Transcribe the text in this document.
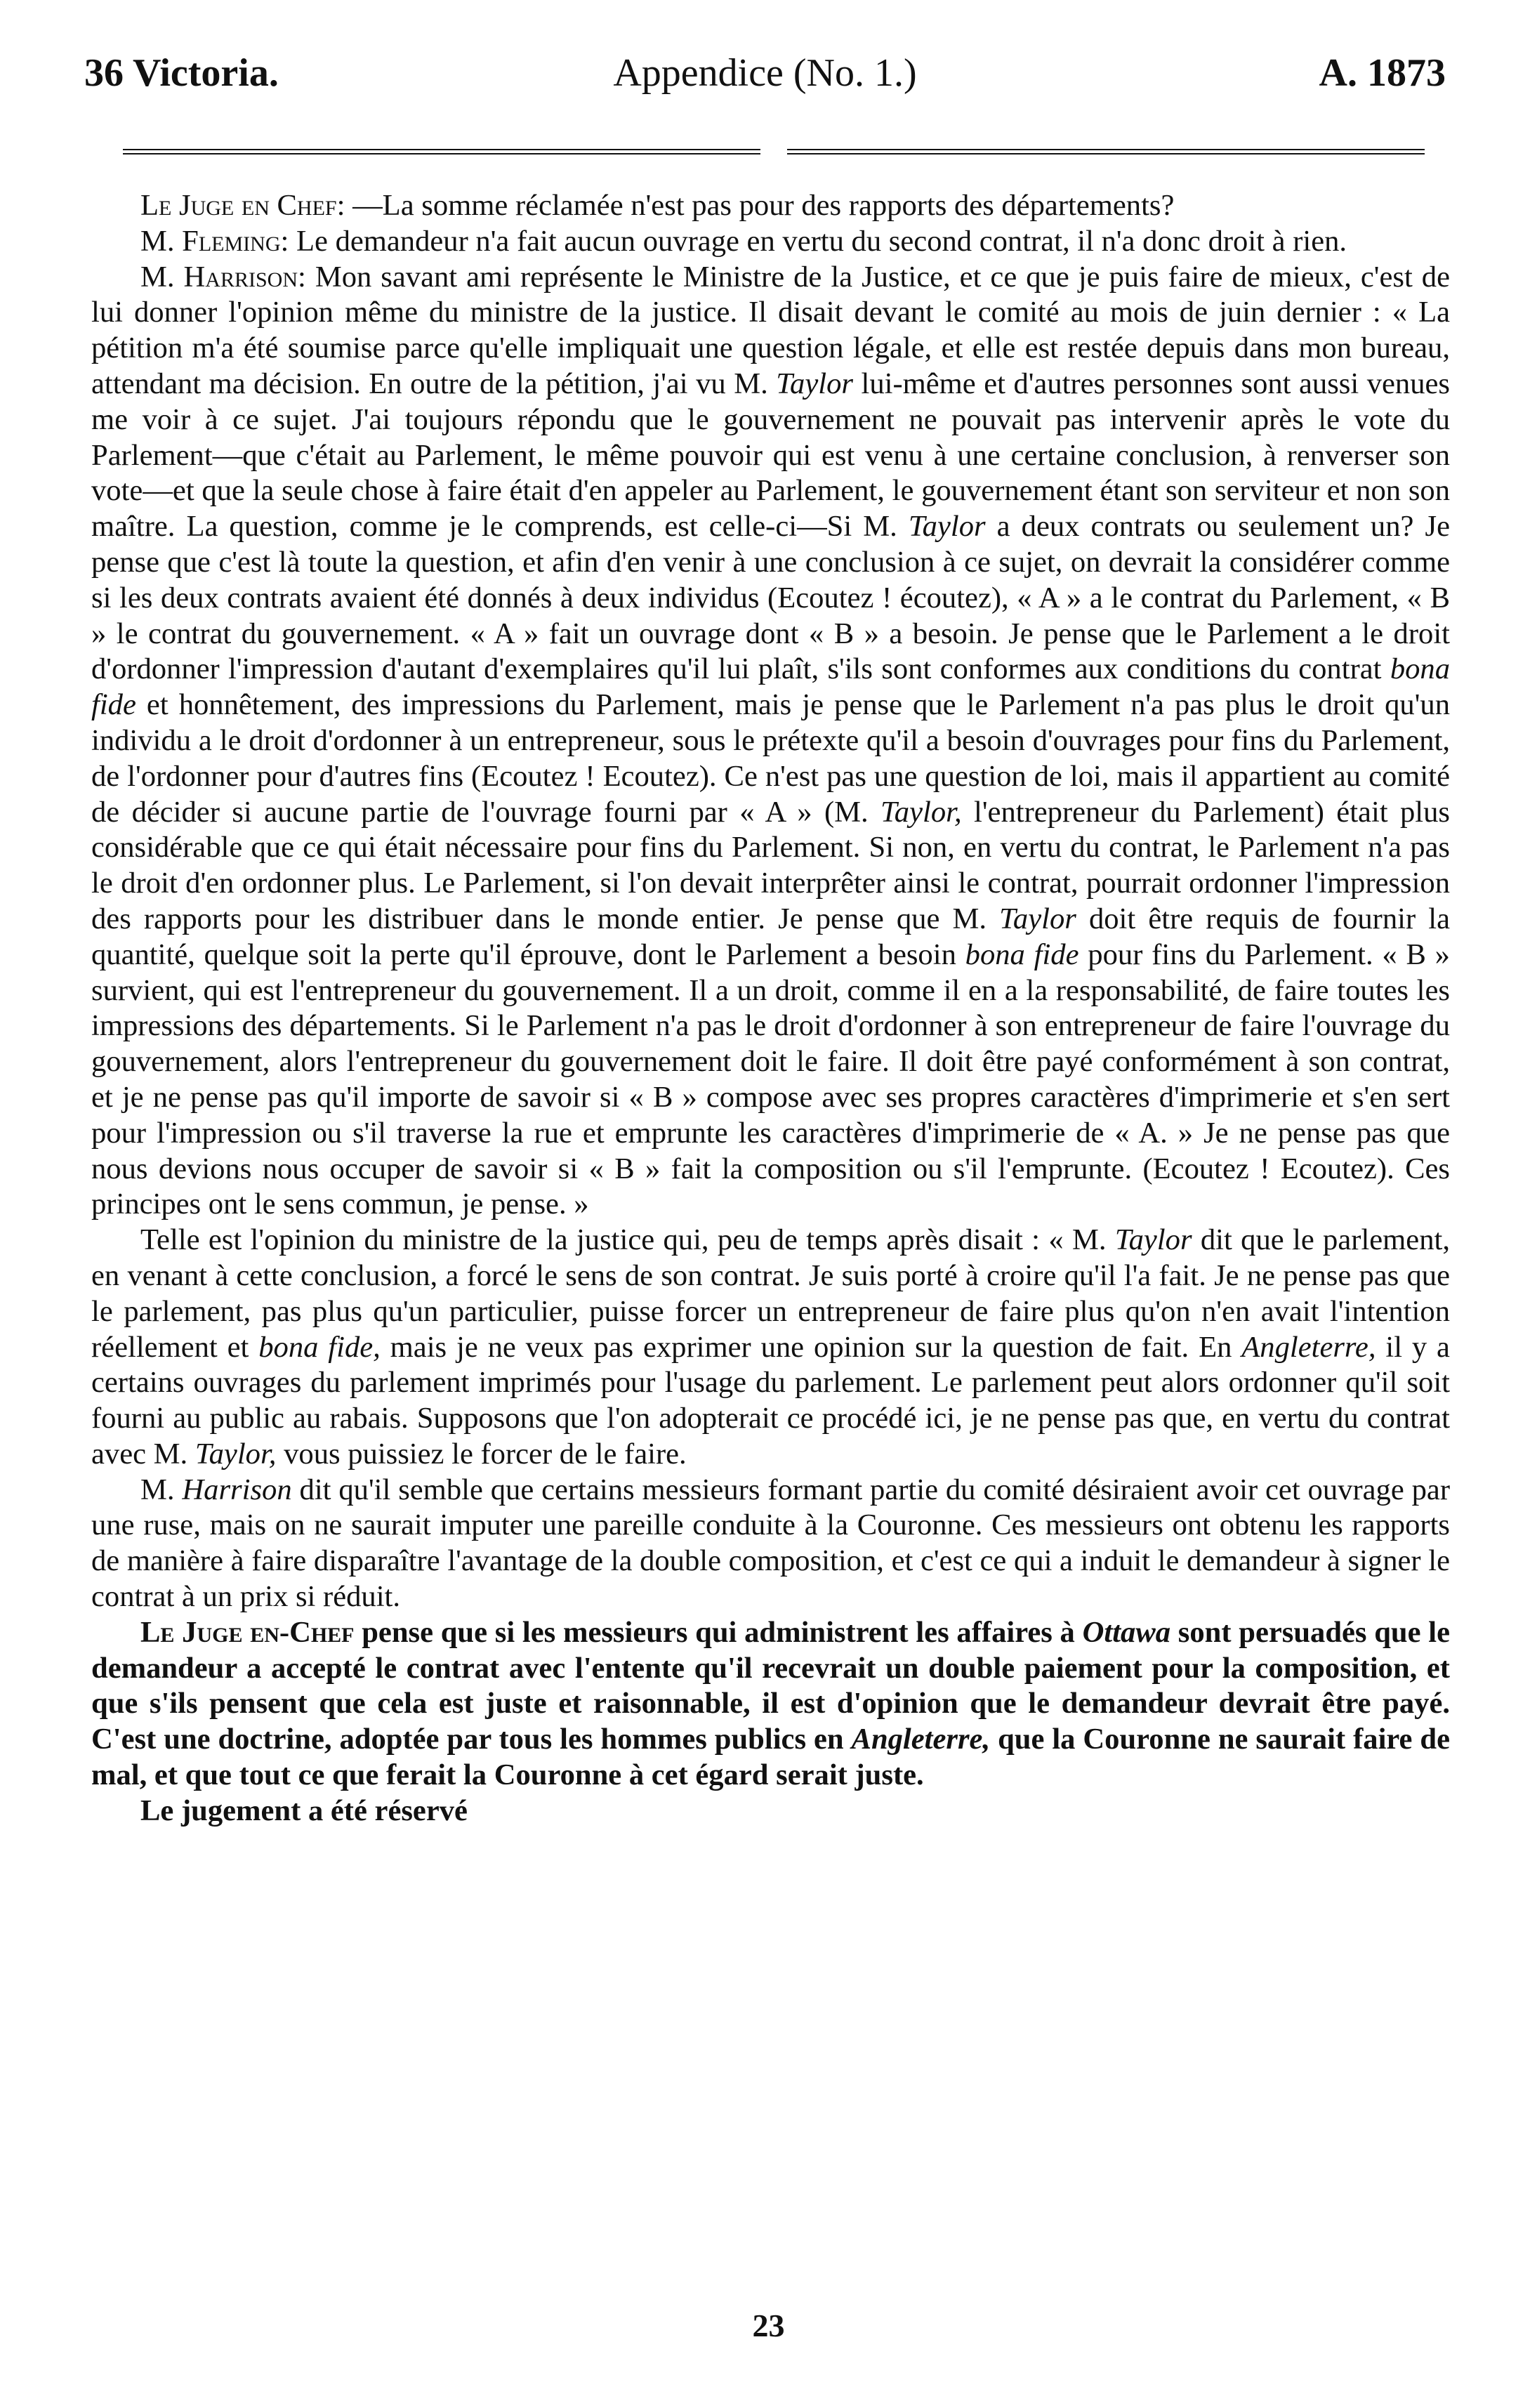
36 Victoria.	Appendice (No. 1.)	A. 1873

Le Juge en Chef: —La somme réclamée n'est pas pour des rapports des départements?

M. Fleming: Le demandeur n'a fait aucun ouvrage en vertu du second contrat, il n'a donc droit à rien.

M. Harrison: Mon savant ami représente le Ministre de la Justice, et ce que je puis faire de mieux, c'est de lui donner l'opinion même du ministre de la justice. Il disait devant le comité au mois de juin dernier : « La pétition m'a été soumise parce qu'elle impliquait une question légale, et elle est restée depuis dans mon bureau, attendant ma décision. En outre de la pétition, j'ai vu M. Taylor lui-même et d'autres personnes sont aussi venues me voir à ce sujet. J'ai toujours répondu que le gouvernement ne pouvait pas intervenir après le vote du Parlement—que c'était au Parlement, le même pouvoir qui est venu à une certaine conclusion, à renverser son vote—et que la seule chose à faire était d'en appeler au Parlement, le gouvernement étant son serviteur et non son maître. La question, comme je le comprends, est celle-ci—Si M. Taylor a deux contrats ou seulement un? Je pense que c'est là toute la question, et afin d'en venir à une conclusion à ce sujet, on devrait la considérer comme si les deux contrats avaient été donnés à deux individus (Ecoutez ! écoutez), « A » a le contrat du Parlement, « B » le contrat du gouvernement. « A » fait un ouvrage dont « B » a besoin. Je pense que le Parlement a le droit d'ordonner l'impression d'autant d'exemplaires qu'il lui plaît, s'ils sont conformes aux conditions du contrat bona fide et honnêtement, des impressions du Parlement, mais je pense que le Parlement n'a pas plus le droit qu'un individu a le droit d'ordonner à un entrepreneur, sous le prétexte qu'il a besoin d'ouvrages pour fins du Parlement, de l'ordonner pour d'autres fins (Ecoutez ! Ecoutez). Ce n'est pas une question de loi, mais il appartient au comité de décider si aucune partie de l'ouvrage fourni par « A » (M. Taylor, l'entrepreneur du Parlement) était plus considérable que ce qui était nécessaire pour fins du Parlement. Si non, en vertu du contrat, le Parlement n'a pas le droit d'en ordonner plus. Le Parlement, si l'on devait interprêter ainsi le contrat, pourrait ordonner l'impression des rapports pour les distribuer dans le monde entier. Je pense que M. Taylor doit être requis de fournir la quantité, quelque soit la perte qu'il éprouve, dont le Parlement a besoin bona fide pour fins du Parlement. « B » survient, qui est l'entrepreneur du gouvernement. Il a un droit, comme il en a la responsabilité, de faire toutes les impressions des départements. Si le Parlement n'a pas le droit d'ordonner à son entrepreneur de faire l'ouvrage du gouvernement, alors l'entrepreneur du gouvernement doit le faire. Il doit être payé conformément à son contrat, et je ne pense pas qu'il importe de savoir si « B » compose avec ses propres caractères d'imprimerie et s'en sert pour l'impression ou s'il traverse la rue et emprunte les caractères d'imprimerie de « A. » Je ne pense pas que nous devions nous occuper de savoir si « B » fait la composition ou s'il l'emprunte. (Ecoutez ! Ecoutez). Ces principes ont le sens commun, je pense. »

Telle est l'opinion du ministre de la justice qui, peu de temps après disait : « M. Taylor dit que le parlement, en venant à cette conclusion, a forcé le sens de son contrat. Je suis porté à croire qu'il l'a fait. Je ne pense pas que le parlement, pas plus qu'un particulier, puisse forcer un entrepreneur de faire plus qu'on n'en avait l'intention réellement et bona fide, mais je ne veux pas exprimer une opinion sur la question de fait. En Angleterre, il y a certains ouvrages du parlement imprimés pour l'usage du parlement. Le parlement peut alors ordonner qu'il soit fourni au public au rabais. Supposons que l'on adopterait ce procédé ici, je ne pense pas que, en vertu du contrat avec M. Taylor, vous puissiez le forcer de le faire.

M. Harrison dit qu'il semble que certains messieurs formant partie du comité désiraient avoir cet ouvrage par une ruse, mais on ne saurait imputer une pareille conduite à la Couronne. Ces messieurs ont obtenu les rapports de manière à faire disparaître l'avantage de la double composition, et c'est ce qui a induit le demandeur à signer le contrat à un prix si réduit.

Le Juge en-Chef pense que si les messieurs qui administrent les affaires à Ottawa sont persuadés que le demandeur a accepté le contrat avec l'entente qu'il recevrait un double paiement pour la composition, et que s'ils pensent que cela est juste et raisonnable, il est d'opinion que le demandeur devrait être payé. C'est une doctrine, adoptée par tous les hommes publics en Angleterre, que la Couronne ne saurait faire de mal, et que tout ce que ferait la Couronne à cet égard serait juste.

Le jugement a été réservé

23
